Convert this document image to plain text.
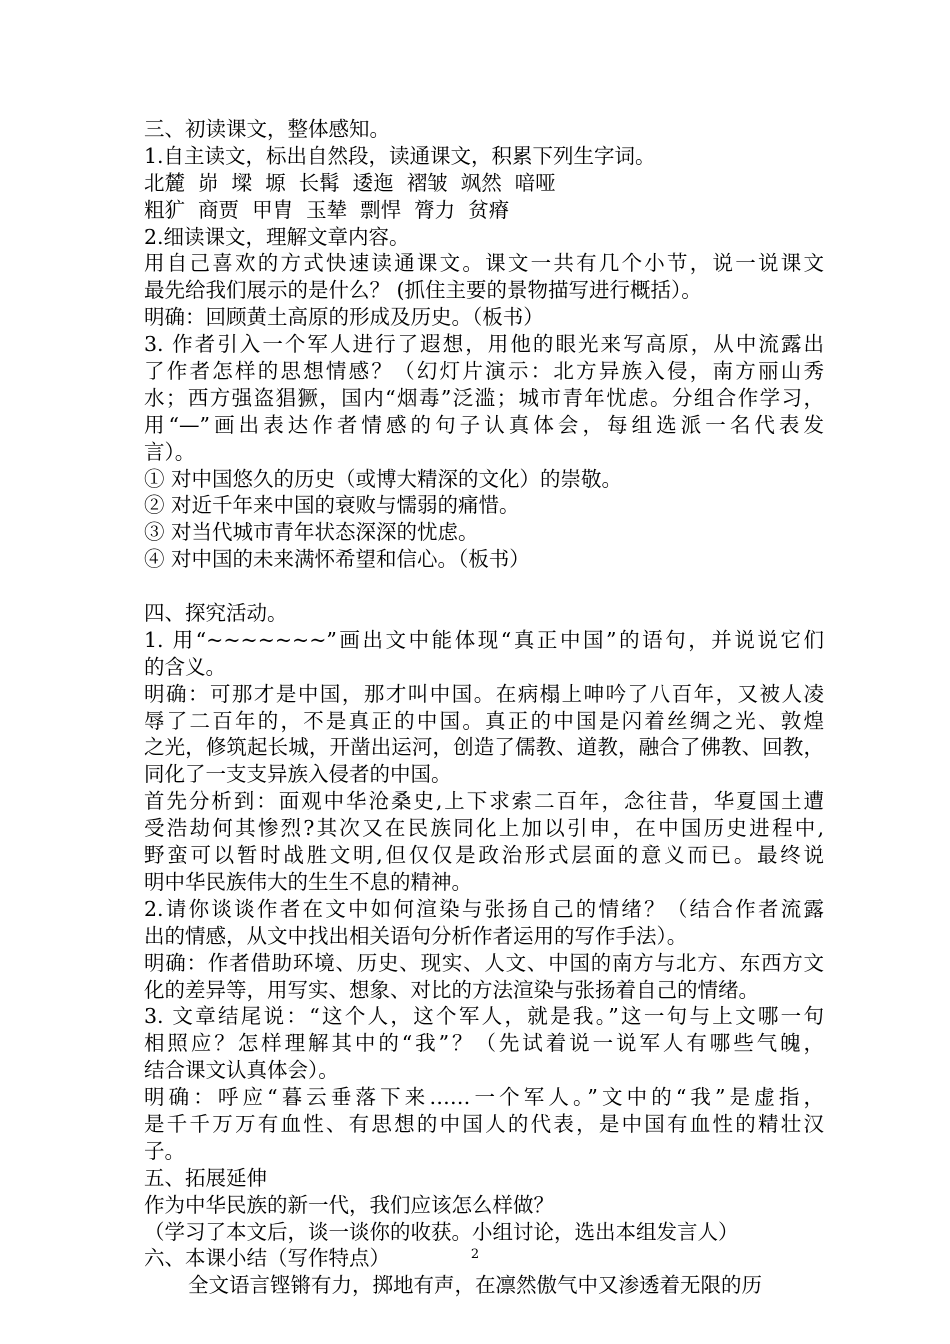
三、初读课文，整体感知。
1.自主读文，标出自然段，读通课文，积累下列生字词。
北麓  峁  墚  塬  长髯  逶迤  褶皱  飒然  喑哑
粗犷  商贾  甲胄  玉辇  剽悍  膂力  贫瘠
2.细读课文，理解文章内容。
用自己喜欢的方式快速读通课文。课文一共有几个小节，说一说课文
最先给我们展示的是什么？ (抓住主要的景物描写进行概括）。
明确：回顾黄土高原的形成及历史。（板书）
3. 作者引入一个军人进行了遐想，用他的眼光来写高原，从中流露出
了作者怎样的思想情感？（幻灯片演示：北方异族入侵，南方丽山秀
水；西方强盗猖獗，国内“烟毒”泛滥；城市青年忧虑。分组合作学习，
用“—”画出表达作者情感的句子认真体会，每组选派一名代表发
言）。
① 对中国悠久的历史（或博大精深的文化）的崇敬。
② 对近千年来中国的衰败与懦弱的痛惜。
③ 对当代城市青年状态深深的忧虑。
④ 对中国的未来满怀希望和信心。（板书）
四、探究活动。
1. 用“~~~~~~~”画出文中能体现“真正中国”的语句，并说说它们
的含义。
明确：可那才是中国，那才叫中国。在病榻上呻吟了八百年，又被人凌
辱了二百年的，不是真正的中国。真正的中国是闪着丝绸之光、敦煌
之光，修筑起长城，开凿出运河，创造了儒教、道教，融合了佛教、回教，
同化了一支支异族入侵者的中国。
首先分析到：面观中华沧桑史,上下求索二百年，念往昔，华夏国土遭
受浩劫何其惨烈?其次又在民族同化上加以引申，在中国历史进程中,
野蛮可以暂时战胜文明,但仅仅是政治形式层面的意义而已。最终说
明中华民族伟大的生生不息的精神。
2.请你谈谈作者在文中如何渲染与张扬自己的情绪？（结合作者流露
出的情感，从文中找出相关语句分析作者运用的写作手法）。
明确：作者借助环境、历史、现实、人文、中国的南方与北方、东西方文
化的差异等，用写实、想象、对比的方法渲染与张扬着自己的情绪。
3. 文章结尾说：“这个人，这个军人，就是我。”这一句与上文哪一句
相照应？怎样理解其中的“我”？（先试着说一说军人有哪些气魄，
结合课文认真体会）。
明确：呼应“暮云垂落下来……一个军人。”文中的“我”是虚指，
是千千万万有血性、有思想的中国人的代表，是中国有血性的精壮汉
子。
五、拓展延伸
作为中华民族的新一代，我们应该怎么样做？
（学习了本文后，谈一谈你的收获。小组讨论，选出本组发言人）
六、本课小结（写作特点）
全文语言铿锵有力，掷地有声，在凛然傲气中又渗透着无限的历
2
